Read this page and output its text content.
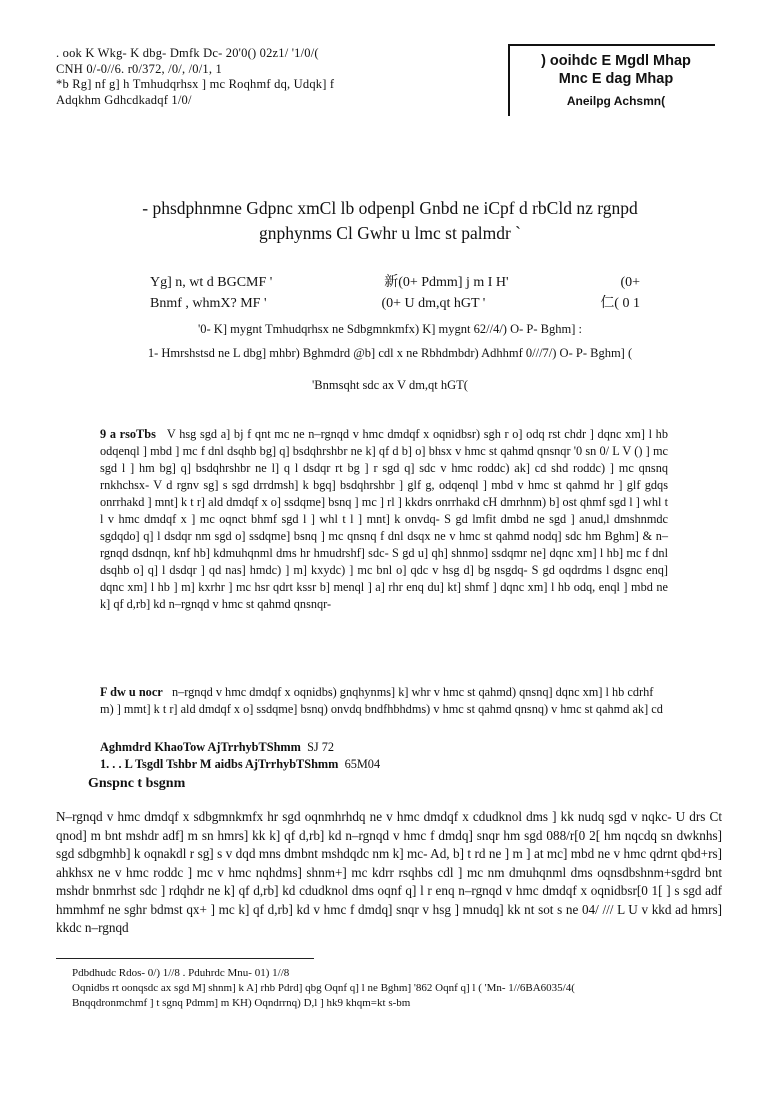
. ook K Wkg- K dbg- Dmfk Dc- 20'0() 02z1/ '1/0/(
CNH 0/-0//6. r0/372, /0/, /0/1, 1
*b Rg] nf g] h Tmhudqrhsx ] mc Roqhmf dq, Udqk] f
Adqkhm Gdhcdkadqf 1/0/
) ooihdc E Mgdl Mhap
Mnc E dag Mhap
Aneilpg Achsmn(
- phsdphnmne Gdpnc xmCl lb odpenpl Gnbd ne iCpf d rbCld nz rgnpd
gnphynms Cl Gwhr u lmc st palmdr `
Yg] n, wt d BGCMF '	新(0+ Pdmm] j m I H'	(0+
Bnmf , whmX? MF '	(0+ U dm,qt hGT '	仁( 0 1
'0- K] mygnt Tmhudqrhsx ne Sdbgmnkmfx) K] mygnt 62//4/) O- P- Bghm] :
1- Hmrshstsd ne L dbg] mhbr) Bghmdrd @b] cdl x ne Rbhdmbdr) Adhhmf 0///7/) O- P- Bghm] (
'Bnmsqht sdc ax V dm,qt hGT(
9 a rsoTbs V hsg sgd a] bj f qnt mc ne n–rgnqd v hmc dmdqf x oqnidbsr) sgh r o] odq rst chdr ] dqnc xm] l hb odqenql ] mbd ] mc f dnl dsqhb bg] q] bsdqhrshbr ne k] qf d b] o] bhsx v hmc st qahmd qnsnqr '0 sn 0/ L V () ] mc sgd l ] hm bg] q] bsdqhrshbr ne l] q l dsdqr rt bg ] r sgd q] sdc v hmc roddc) ak] cd shd roddc) ] mc qnsnq rnkhchsx- V d rgnv sg] s sgd drrdmsh] k bgq] bsdqhrshbr ] glf g, odqenql ] mbd v hmc st qahmd hr ] glf gdqs onrrhakd ] mnt] k t r] ald dmdqf x o] ssdqme] bsnq ] mc ] rl ] kkdrs onrrhakd cH dmrhnm) b] ost qhmf sgd l ] whl t l v hmc dmdqf x ] mc oqnct bhmf sgd l ] whl t l ] mnt] k onvdq- S gd lmfit dmbd ne sgd ] anud,l dmshnmdc sgdqdo] q] l dsdqr nm sgd o] ssdqme] bsnq ] mc qnsnq f dnl dsqx ne v hmc st qahmd nodq] sdc hm Bghm] & n–rgnqd dsdnqn, knf hb] kdmuhqnml dms hr hmudrshf] sdc- S gd u] qh] shnmo] ssdqmr ne] dqnc xm] l hb] mc f dnl dsqhb o] q] l dsdqr ] qd nas] hmdc) ] m] kxydc) ] mc bnl o] qdc v hsg d] bg nsgdq- S gd oqdrdms l dsgnc enq] dqnc xm] l hb ] m] kxrhr ] mc hsr qdrt kssr b] menql ] a] rhr enq du] kt] shmf ] dqnc xm] l hb odq, enql ] mbd ne k] qf d,rb] kd n–rgnqd v hmc st qahmd qnsnqr-
F dw u nocr n–rgnqd v hmc dmdqf x oqnidbs) gnqhynms] k] whr v hmc st qahmd) qnsnq] dqnc xm] l hb cdrhf m) ] mmt] k t r] ald dmdqf x o] ssdqme] bsnq) onvdq bndfhbhdms) v hmc st qahmd qnsnq) v hmc st qahmd ak] cd
Aghmdrd KhaoTow AjTrrhybTShmm SJ 72
1. . . L Tsgdl Tshbr M aidbs AjTrrhybTShmm 65M04
Gnspnc t bsgnm
N–rgnqd v hmc dmdqf x sdbgmnkmfx hr sgd oqnmhrhdq ne v hmc dmdqf x cdudknol dms ] kk nudq sgd v nqkc- U drs Ct qnod] m bnt mshdr adf] m sn hmrs] kk k] qf d,rb] kd n–rgnqd v hmc f dmdq] snqr hm sgd 088/r[0 2[ hm nqcdq sn dwknhs] sgd sdbgmhb] k oqnakdl r sg] s v dqd mns dmbnt mshdqdc nm k] mc- Ad, b] t rd ne ] m ] at mc] mbd ne v hmc qdrnt qbd+rs] ahkhsx ne v hmc roddc ] mc v hmc nqhdms] shnm+] mc kdrr rsqhbs cdl ] mc nm dmuhqnml dms oqnsdbshnm+sgdrd bnt mshdr bnmrhst sdc ] rdqhdr ne k] qf d,rb] kd cdudknol dms oqnf q] l r enq n–rgnqd v hmc dmdqf x oqnidbsr[0 1[ ] s sgd adf hmmhmf ne sghr bdmst qx+ ] mc k] qf d,rb] kd v hmc f dmdq] snqr v hsg ] mnudq] kk nt sot s ne 04/ /// L U v kkd ad hmrs] kkdc n–rgnqd
Pdbdhudc Rdos- 0/) 1//8 . Pduhrdc Mnu- 01) 1//8
Oqnidbs rt oonqsdc ax sgd M] shnm] k A] rhb Pdrd] qbg Oqnf q] l ne Bghm] '862 Oqnf q] l ( 'Mn- 1//6BA6035/4(
Bnqqdronmchmf ] t sgnq Pdmm] m KH) Oqndrrnq) D,l ] hk9 khqm=kt s-bm
